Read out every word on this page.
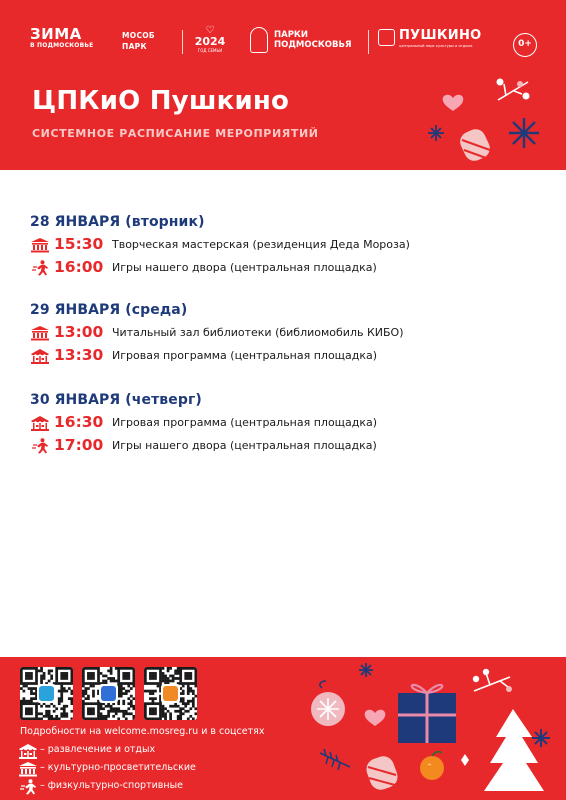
ЗИМА
В ПОДМОСКОВЬЕ
МОСОБ
ПАРК
♡
2024
ГОД СЕМЬИ
ПАРКИ
ПОДМОСКОВЬЯ
ПУШКИНО
центральный парк культуры и отдыха	0+
ЦПКиО Пушкино
СИСТЕМНОЕ РАСПИСАНИЕ МЕРОПРИЯТИЙ
28 ЯНВАРЯ (вторник)
15:30 Творческая мастерская (резиденция Деда Мороза)
16:00 Игры нашего двора (центральная площадка)
29 ЯНВАРЯ (среда)
13:00 Читальный зал библиотеки (библиомобиль КИБО)
13:30 Игровая программа (центральная площадка)
30 ЯНВАРЯ (четверг)
16:30 Игровая программа (центральная площадка)
17:00 Игры нашего двора (центральная площадка)
Подробности на welcome.mosreg.ru и в соцсетях
– развлечение и отдых
– культурно-просветительские
– физкультурно-спортивные
